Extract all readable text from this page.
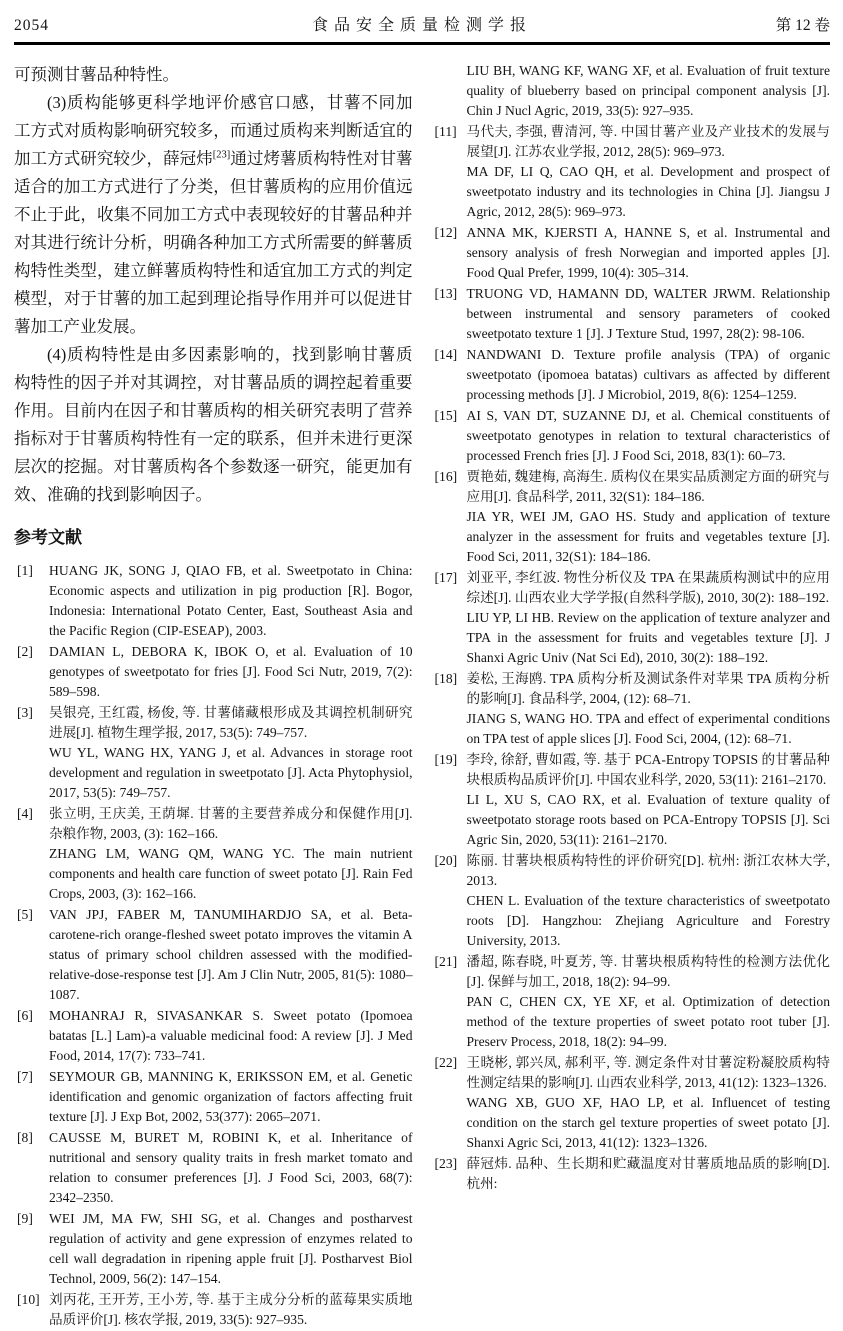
2054	食品安全质量检测学报	第 12 卷

可预测甘薯品种特性。

(3)质构能够更科学地评价感官口感，甘薯不同加工方式对质构影响研究较多，而通过质构来判断适宜的加工方式研究较少，薛冠炜[23]通过烤薯质构特性对甘薯适合的加工方式进行了分类，但甘薯质构的应用价值远不止于此，收集不同加工方式中表现较好的甘薯品种并对其进行统计分析，明确各种加工方式所需要的鲜薯质构特性类型，建立鲜薯质构特性和适宜加工方式的判定模型，对于甘薯的加工起到理论指导作用并可以促进甘薯加工产业发展。

(4)质构特性是由多因素影响的，找到影响甘薯质构特性的因子并对其调控，对甘薯品质的调控起着重要作用。目前内在因子和甘薯质构的相关研究表明了营养指标对于甘薯质构特性有一定的联系，但并未进行更深层次的挖掘。对甘薯质构各个参数逐一研究，能更加有效、准确的找到影响因子。

参考文献
[1]	HUANG JK, SONG J, QIAO FB, et al. Sweetpotato in China: Economic aspects and utilization in pig production [R]. Bogor, Indonesia: International Potato Center, East, Southeast Asia and the Pacific Region (CIP-ESEAP), 2003.

[2]	DAMIAN L, DEBORA K, IBOK O, et al. Evaluation of 10 genotypes of sweetpotato for fries [J]. Food Sci Nutr, 2019, 7(2): 589–598.

[3]	吴银亮, 王红霞, 杨俊, 等. 甘薯储藏根形成及其调控机制研究进展[J]. 植物生理学报, 2017, 53(5): 749–757.

WU YL, WANG HX, YANG J, et al. Advances in storage root development and regulation in sweetpotato [J]. Acta Phytophysiol, 2017, 53(5): 749–757.

[4]	张立明, 王庆美, 王荫墀. 甘薯的主要营养成分和保健作用[J]. 杂粮作物, 2003, (3): 162–166.

ZHANG LM, WANG QM, WANG YC. The main nutrient components and health care function of sweet potato [J]. Rain Fed Crops, 2003, (3): 162–166.

[5]	VAN JPJ, FABER M, TANUMIHARDJO SA, et al. Beta-carotene-rich orange-fleshed sweet potato improves the vitamin A status of primary school children assessed with the modified-relative-dose-response test [J]. Am J Clin Nutr, 2005, 81(5): 1080–1087.

[6]	MOHANRAJ R, SIVASANKAR S. Sweet potato (Ipomoea batatas [L.] Lam)-a valuable medicinal food: A review [J]. J Med Food, 2014, 17(7): 733–741.

[7]	SEYMOUR GB, MANNING K, ERIKSSON EM, et al. Genetic identification and genomic organization of factors affecting fruit texture [J]. J Exp Bot, 2002, 53(377): 2065–2071.

[8]	CAUSSE M, BURET M, ROBINI K, et al. Inheritance of nutritional and sensory quality traits in fresh market tomato and relation to consumer preferences [J]. J Food Sci, 2003, 68(7): 2342–2350.

[9]	WEI JM, MA FW, SHI SG, et al. Changes and postharvest regulation of activity and gene expression of enzymes related to cell wall degradation in ripening apple fruit [J]. Postharvest Biol Technol, 2009, 56(2): 147–154.

[10] 刘丙花, 王开芳, 王小芳, 等. 基于主成分分析的蓝莓果实质地品质评价[J]. 核农学报, 2019, 33(5): 927–935.

LIU BH, WANG KF, WANG XF, et al. Evaluation of fruit texture quality of blueberry based on principal component analysis [J]. Chin J Nucl Agric, 2019, 33(5): 927–935.

[11] 马代夫, 李强, 曹清河, 等. 中国甘薯产业及产业技术的发展与展望[J]. 江苏农业学报, 2012, 28(5): 969–973.

MA DF, LI Q, CAO QH, et al. Development and prospect of sweetpotato industry and its technologies in China [J]. Jiangsu J Agric, 2012, 28(5): 969–973.

[12] ANNA MK, KJERSTI A, HANNE S, et al. Instrumental and sensory analysis of fresh Norwegian and imported apples [J]. Food Qual Prefer, 1999, 10(4): 305–314.

[13] TRUONG VD, HAMANN DD, WALTER JRWM. Relationship between instrumental and sensory parameters of cooked sweetpotato texture 1 [J]. J Texture Stud, 1997, 28(2): 98-106.

[14] NANDWANI D. Texture profile analysis (TPA) of organic sweetpotato (ipomoea batatas) cultivars as affected by different processing methods [J]. J Microbiol, 2019, 8(6): 1254–1259.

[15] AI S, VAN DT, SUZANNE DJ, et al. Chemical constituents of sweetpotato genotypes in relation to textural characteristics of processed French fries [J]. J Food Sci, 2018, 83(1): 60–73.

[16] 贾艳茹, 魏建梅, 高海生. 质构仪在果实品质测定方面的研究与应用[J]. 食品科学, 2011, 32(S1): 184–186.

JIA YR, WEI JM, GAO HS. Study and application of texture analyzer in the assessment for fruits and vegetables texture [J]. Food Sci, 2011, 32(S1): 184–186.

[17] 刘亚平, 李红波. 物性分析仪及 TPA 在果蔬质构测试中的应用综述[J]. 山西农业大学学报(自然科学版), 2010, 30(2): 188–192.

LIU YP, LI HB. Review on the application of texture analyzer and TPA in the assessment for fruits and vegetables texture [J]. J Shanxi Agric Univ (Nat Sci Ed), 2010, 30(2): 188–192.

[18] 姜松, 王海鸥. TPA 质构分析及测试条件对苹果 TPA 质构分析的影响[J]. 食品科学, 2004, (12): 68–71.

JIANG S, WANG HO. TPA and effect of experimental conditions on TPA test of apple slices [J]. Food Sci, 2004, (12): 68–71.

[19] 李玲, 徐舒, 曹如霞, 等. 基于 PCA-Entropy TOPSIS 的甘薯品种块根质构品质评价[J]. 中国农业科学, 2020, 53(11): 2161–2170.

LI L, XU S, CAO RX, et al. Evaluation of texture quality of sweetpotato storage roots based on PCA-Entropy TOPSIS [J]. Sci Agric Sin, 2020, 53(11): 2161–2170.

[20] 陈丽. 甘薯块根质构特性的评价研究[D]. 杭州: 浙江农林大学, 2013.

CHEN L. Evaluation of the texture characteristics of sweetpotato roots [D]. Hangzhou: Zhejiang Agriculture and Forestry University, 2013.

[21] 潘超, 陈春晓, 叶夏芳, 等. 甘薯块根质构特性的检测方法优化[J]. 保鲜与加工, 2018, 18(2): 94–99.

PAN C, CHEN CX, YE XF, et al. Optimization of detection method of the texture properties of sweet potato root tuber [J]. Preserv Process, 2018, 18(2): 94–99.

[22] 王晓彬, 郭兴凤, 郝利平, 等. 测定条件对甘薯淀粉凝胶质构特性测定结果的影响[J]. 山西农业科学, 2013, 41(12): 1323–1326.

WANG XB, GUO XF, HAO LP, et al. Influencet of testing condition on the starch gel texture properties of sweet potato [J]. Shanxi Agric Sci, 2013, 41(12): 1323–1326.

[23] 薛冠炜. 品种、生长期和贮藏温度对甘薯质地品质的影响[D]. 杭州:
